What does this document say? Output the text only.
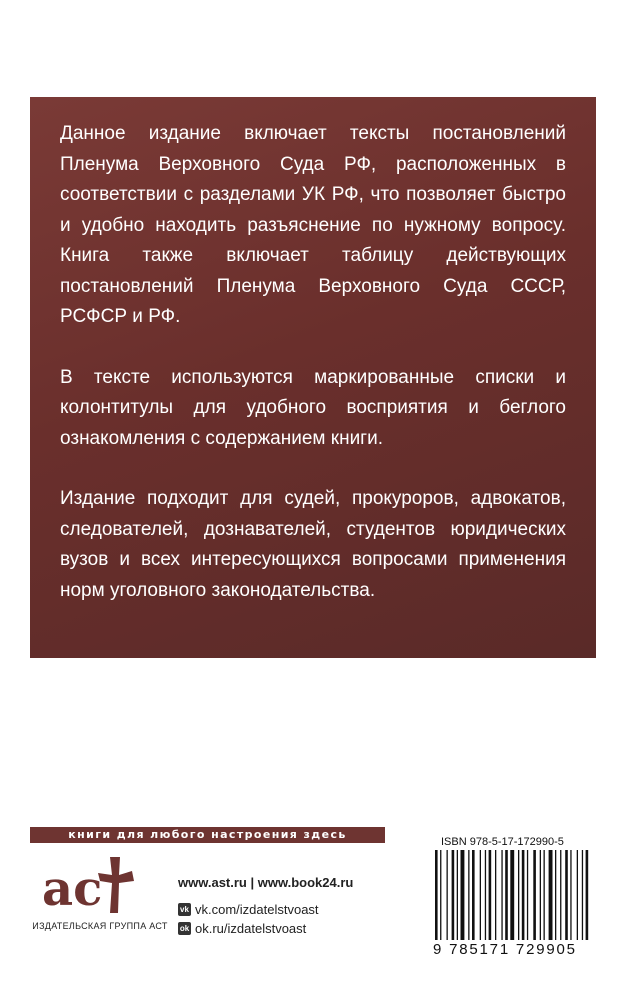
Данное издание включает тексты постановлений Пленума Верховного Суда РФ, расположенных в соответствии с разделами УК РФ, что позволяет быстро и удобно находить разъяснение по нужному вопросу. Книга также включает таблицу действующих постановлений Пленума Верховного Суда СССР, РСФСР и РФ.

В тексте используются маркированные списки и колонтитулы для удобного восприятия и беглого ознакомления с содержанием книги.

Издание подходит для судей, прокуроров, адвокатов, следователей, дознавателей, студентов юридических вузов и всех интересующихся вопросами применения норм уголовного законодательства.

книги для любого настроения здесь
ac
ИЗДАТЕЛЬСКАЯ ГРУППА АСТ
www.ast.ru | www.book24.ru
vk vk.com/izdatelstvoast
ok ok.ru/izdatelstvoast
ISBN 978-5-17-172990-5
9 785171 729905
